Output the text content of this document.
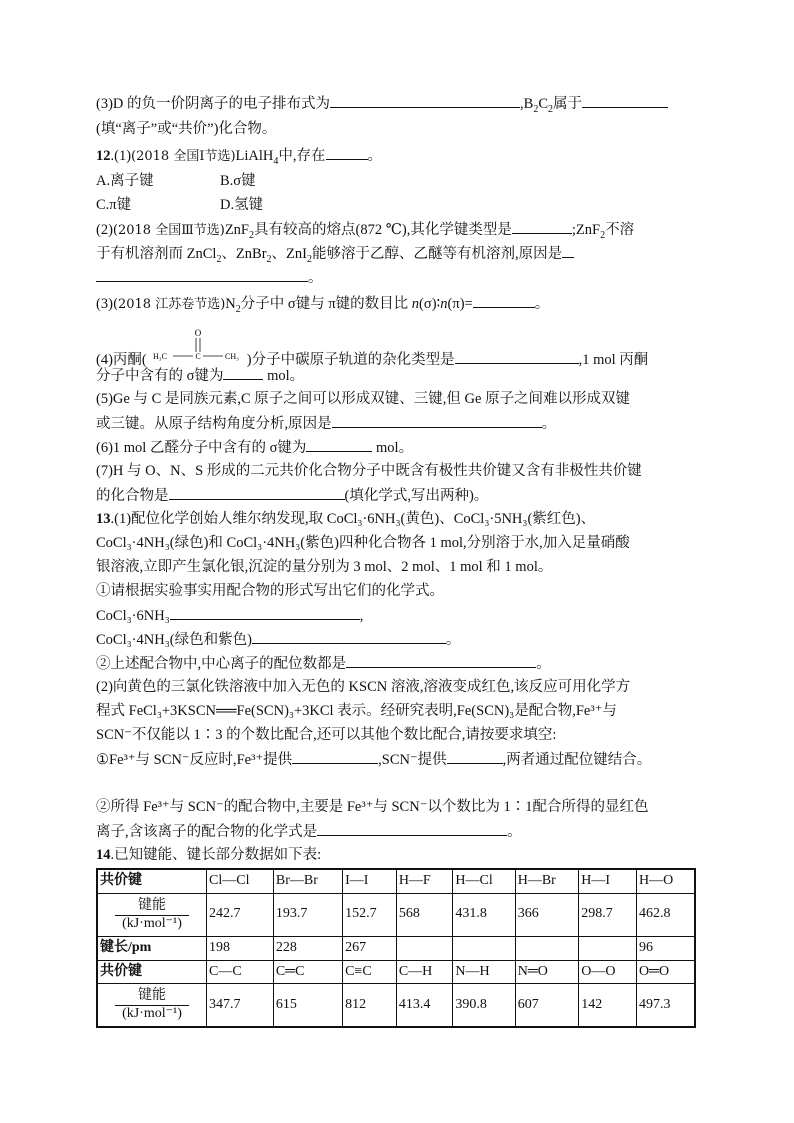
(3)D 的负一价阴离子的电子排布式为	$,B_2C_2$属于
(填“离子”或“共价”)化合物。
12.(1)(2018 全国Ⅰ节选)LiAlH$_4$中,存在	。
A.离子键	B.σ键
C.π键	D.氢键
(2)(2018 全国Ⅲ节选)ZnF$_2$具有较高的熔点(872 ℃),其化学键类型是	;ZnF$_2$不溶
于有机溶剂而 ZnCl$_2$、ZnBr$_2$、ZnI$_2$能够溶于乙醇、乙醚等有机溶剂,原因是
。
(3)(2018 江苏卷节选)$N_2$分子中 σ键与 π键的数目比 n(σ)∶n(π)=	。
(4)丙酮(
O
H₃C	C	CH₃ )分子中碳原子轨道的杂化类型是	,1 mol 丙酮
分子中含有的 σ键为	mol。
(5)Ge 与 C 是同族元素,C 原子之间可以形成双键、三键,但 Ge 原子之间难以形成双键
或三键。从原子结构角度分析,原因是	。
(6)1 mol 乙醛分子中含有的 σ键为	mol。
(7)H 与 O、N、S 形成的二元共价化合物分子中既含有极性共价键又含有非极性共价键
的化合物是	(填化学式,写出两种)。
13.(1)配位化学创始人维尔纳发现,取 CoCl₃·6NH₃(黄色)、CoCl₃·5NH₃(紫红色)、
CoCl₃·4NH₃(绿色)和 CoCl₃·4NH₃(紫色)四种化合物各 1 mol,分别溶于水,加入足量硝酸
银溶液,立即产生氯化银,沉淀的量分别为 3 mol、2 mol、1 mol 和 1 mol。
①请根据实验事实用配合物的形式写出它们的化学式。
CoCl₃·6NH₃	,
CoCl₃·4NH₃(绿色和紫色)	。
②上述配合物中,中心离子的配位数都是	。
(2)向黄色的三氯化铁溶液中加入无色的 KSCN 溶液,溶液变成红色,该反应可用化学方
程式 FeCl₃+3KSCN══Fe(SCN)₃+3KCl 表示。经研究表明,Fe(SCN)₃是配合物,Fe³⁺与
SCN⁻不仅能以 1∶3 的个数比配合,还可以其他个数比配合,请按要求填空:
①Fe³⁺与 SCN⁻反应时,Fe³⁺提供	,SCN⁻提供	,两者通过配位键结合。
②所得 Fe³⁺与 SCN⁻的配合物中,主要是 Fe³⁺与 SCN⁻以个数比为 1∶1配合所得的显红色
离子,含该离子的配合物的化学式是	。
14.已知键能、键长部分数据如下表:
共价键	Cl—Cl	Br—Br	I—I	H—F	H—Cl	H—Br	H—I	H—O

$\frac{\text{键能}}{\text{(kJ·mol⁻¹)}}$	242.7	193.7	152.7	568	431.8	366	298.7	462.8
键长/pm	198	228	267					96
共价键	C—C	C═C	C≡C	C—H	N—H	N═O	O—O	O═O

$\frac{\text{键能}}{\text{(kJ·mol⁻¹)}}$	347.7	615	812	413.4	390.8	607	142	497.3
